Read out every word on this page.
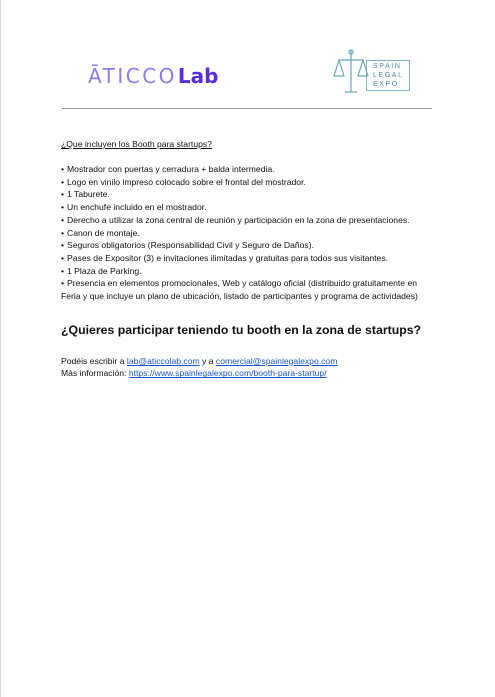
ĀTICCO Lab	SPAIN
LEGAL
EXPO

¿Que incluyen los Booth para startups?

• Mostrador con puertas y cerradura + balda intermedia.
• Logo en vinilo impreso colocado sobre el frontal del mostrador.
• 1 Taburete.
• Un enchufe incluido en el mostrador.
• Derecho a utilizar la zona central de reunión y participación en la zona de presentaciones.
• Canon de montaje.
• Seguros obligatorios (Responsabilidad Civil y Seguro de Daños).
• Pases de Expositor (3) e invitaciones ilimitadas y gratuitas para todos sus visitantes.
• 1 Plaza de Parking.
• Presencia en elementos promocionales, Web y catálogo oficial (distribuido gratuitamente en Feria y que incluye un plano de ubicación, listado de participantes y programa de actividades)
¿Quieres participar teniendo tu booth en la zona de startups?

Podéis escribir a lab@aticcolab.com y a comercial@spainlegalexpo.com

Más información: https://www.spainlegalexpo.com/booth-para-startup/
